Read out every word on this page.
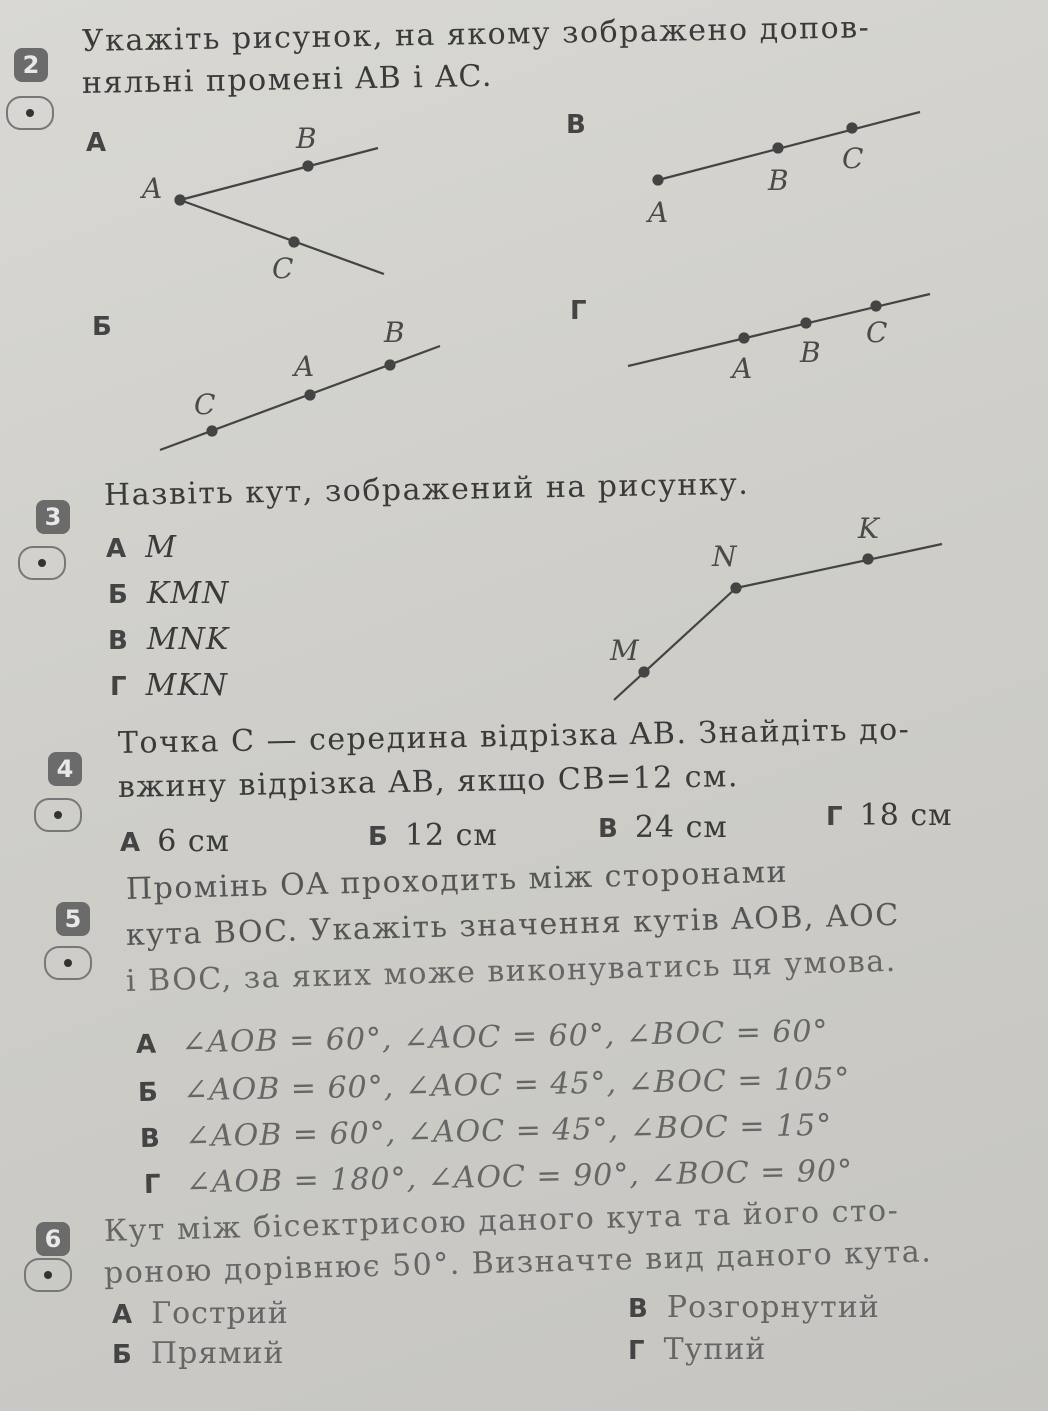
2
Укажіть рисунок, на якому зображено допов-
няльні промені AB і AC.
А
В
Б
Г
A
B
C
A
B
C
C
A
B
A B
C
3
Назвіть кут, зображений на рисунку.
А M
Б KMN
В MNK
Г MKN
N
K
M
4
Точка C — середина відрізка AB. Знайдіть до-
вжину відрізка AB, якщо CB=12 см.
А 6 см	Б 12 см	В 24 см	Г 18 см
5
Промінь OA проходить між сторонами
кута BOC. Укажіть значення кутів AOB, AOC
і BOC, за яких може виконуватись ця умова.
А ∠AOB = 60°, ∠AOC = 60°, ∠BOC = 60°
Б ∠AOB = 60°, ∠AOC = 45°, ∠BOC = 105°
В ∠AOB = 60°, ∠AOC = 45°, ∠BOC = 15°
Г ∠AOB = 180°, ∠AOC = 90°, ∠BOC = 90°
6 Кут між бісектрисою даного кута та його сто-
роною дорівнює 50°. Визначте вид даного кута.
А Гострий
Б Прямий
В Розгорнутий
Г Тупий
